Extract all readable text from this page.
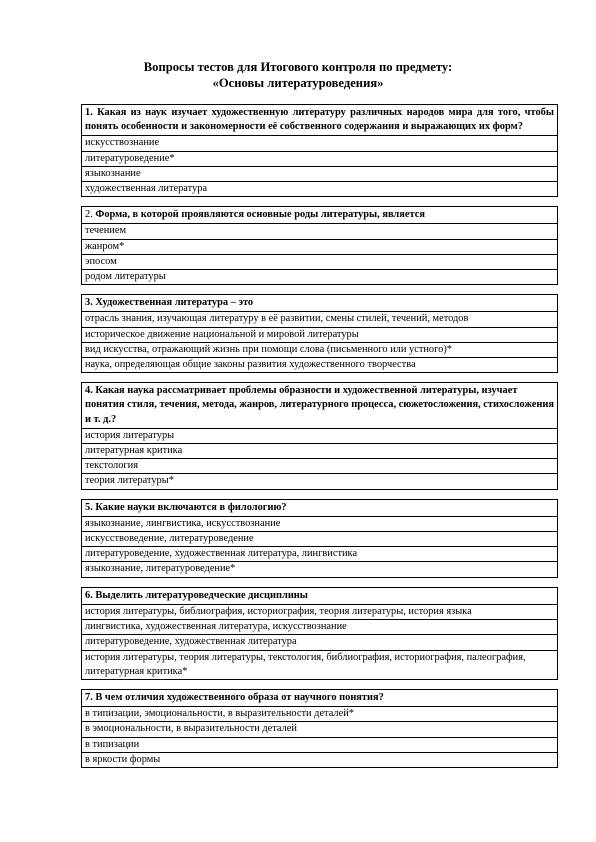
Вопросы тестов для Итогового контроля по предмету:
«Основы литературоведения»
1. Какая из наук изучает художественную литературу различных народов мира для того, чтобы понять особенности и закономерности её собственного содержания и выражающих их форм?
искусствознание
литературоведение*
языкознание
художественная литература
2. Форма, в которой проявляются основные роды литературы, является
течением
жанром*
эпосом
родом литературы
3. Художественная литература – это
отрасль знания, изучающая литературу в её развитии, смены стилей, течений, методов
историческое движение национальной и мировой литературы
вид искусства, отражающий жизнь при помощи слова (письменного или устного)*
наука, определяющая общие законы развития художественного творчества
4. Какая наука рассматривает проблемы образности и художественной литературы, изучает понятия стиля, течения, метода, жанров, литературного процесса, сюжетосложения, стихосложения и т. д.?
история литературы
литературная критика
текстология
теория литературы*
5. Какие науки включаются в филологию?
языкознание, лингвистика, искусствознание
искусствоведение, литературоведение
литературоведение, художественная литература, лингвистика
языкознание, литературоведение*
6. Выделить литературоведческие дисциплины
история литературы, библиография, историография, теория литературы, история языка
лингвистика, художественная литература, искусствознание
литературоведение, художественная литература
история литературы, теория литературы, текстология, библиография, историография, палеография, литературная критика*
7. В чем отличия художественного образа от научного понятия?
в типизации, эмоциональности, в выразительности деталей*
в эмоциональности, в выразительности деталей
в типизации
в яркости формы
